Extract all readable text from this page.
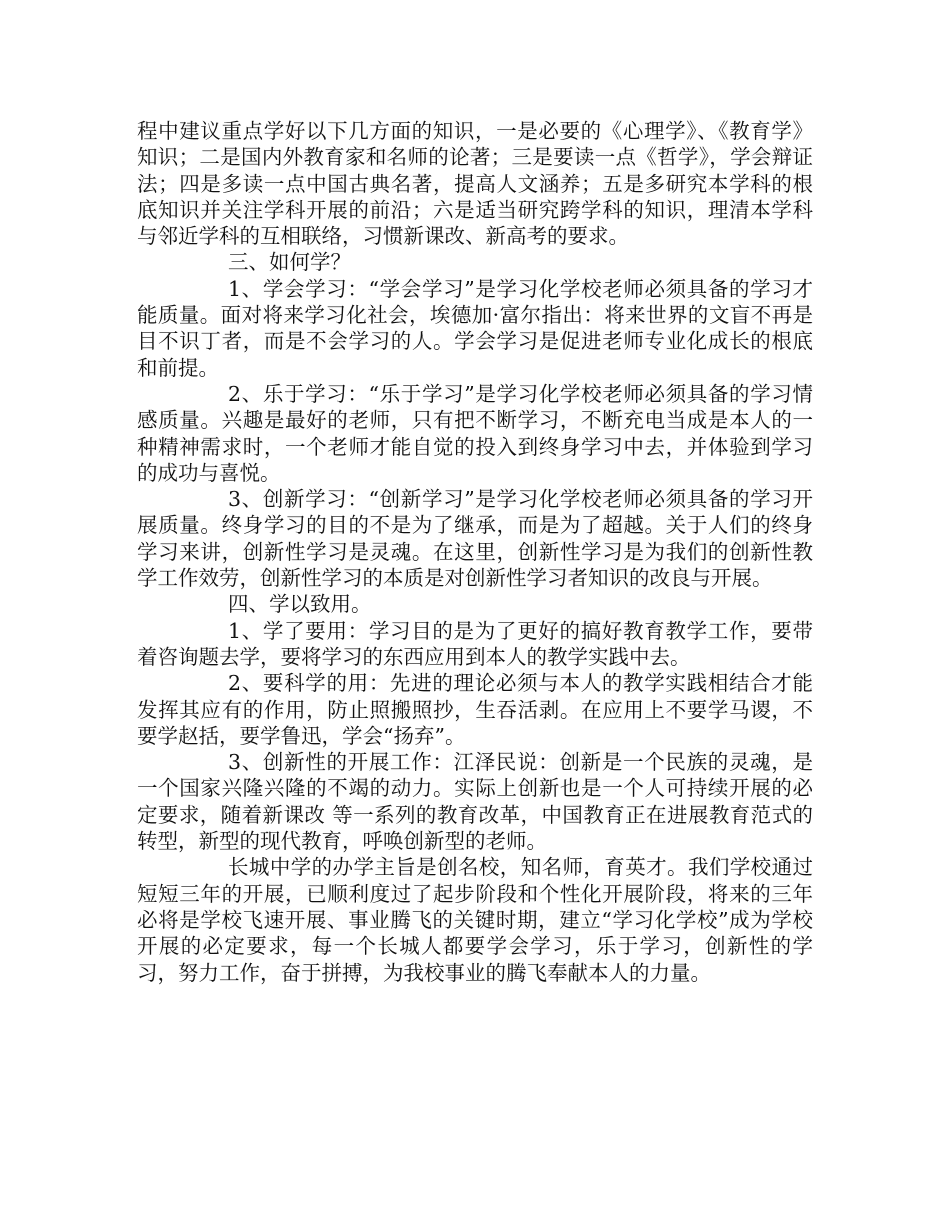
程中建议重点学好以下几方面的知识，一是必要的《心理学》、《教育学》知识；二是国内外教育家和名师的论著；三是要读一点《哲学》，学会辩证法；四是多读一点中国古典名著，提高人文涵养；五是多研究本学科的根底知识并关注学科开展的前沿；六是适当研究跨学科的知识，理清本学科与邻近学科的互相联络，习惯新课改、新高考的要求。

三、如何学？

1、学会学习：“学会学习”是学习化学校老师必须具备的学习才能质量。面对将来学习化社会，埃德加·富尔指出：将来世界的文盲不再是目不识丁者，而是不会学习的人。学会学习是促进老师专业化成长的根底和前提。

2、乐于学习：“乐于学习”是学习化学校老师必须具备的学习情感质量。兴趣是最好的老师，只有把不断学习，不断充电当成是本人的一种精神需求时，一个老师才能自觉的投入到终身学习中去，并体验到学习的成功与喜悦。

3、创新学习：“创新学习”是学习化学校老师必须具备的学习开展质量。终身学习的目的不是为了继承，而是为了超越。关于人们的终身学习来讲，创新性学习是灵魂。在这里，创新性学习是为我们的创新性教学工作效劳，创新性学习的本质是对创新性学习者知识的改良与开展。

四、学以致用。

1、学了要用：学习目的是为了更好的搞好教育教学工作，要带着咨询题去学，要将学习的东西应用到本人的教学实践中去。

2、要科学的用：先进的理论必须与本人的教学实践相结合才能发挥其应有的作用，防止照搬照抄，生吞活剥。在应用上不要学马谡，不要学赵括，要学鲁迅，学会“扬弃”。

3、创新性的开展工作：江泽民说：创新是一个民族的灵魂，是一个国家兴隆兴隆的不竭的动力。实际上创新也是一个人可持续开展的必定要求，随着新课改 等一系列的教育改革，中国教育正在进展教育范式的转型，新型的现代教育，呼唤创新型的老师。

长城中学的办学主旨是创名校，知名师，育英才。我们学校通过短短三年的开展，已顺利度过了起步阶段和个性化开展阶段，将来的三年必将是学校飞速开展、事业腾飞的关键时期，建立“学习化学校”成为学校开展的必定要求，每一个长城人都要学会学习，乐于学习，创新性的学习，努力工作，奋于拼搏，为我校事业的腾飞奉献本人的力量。
